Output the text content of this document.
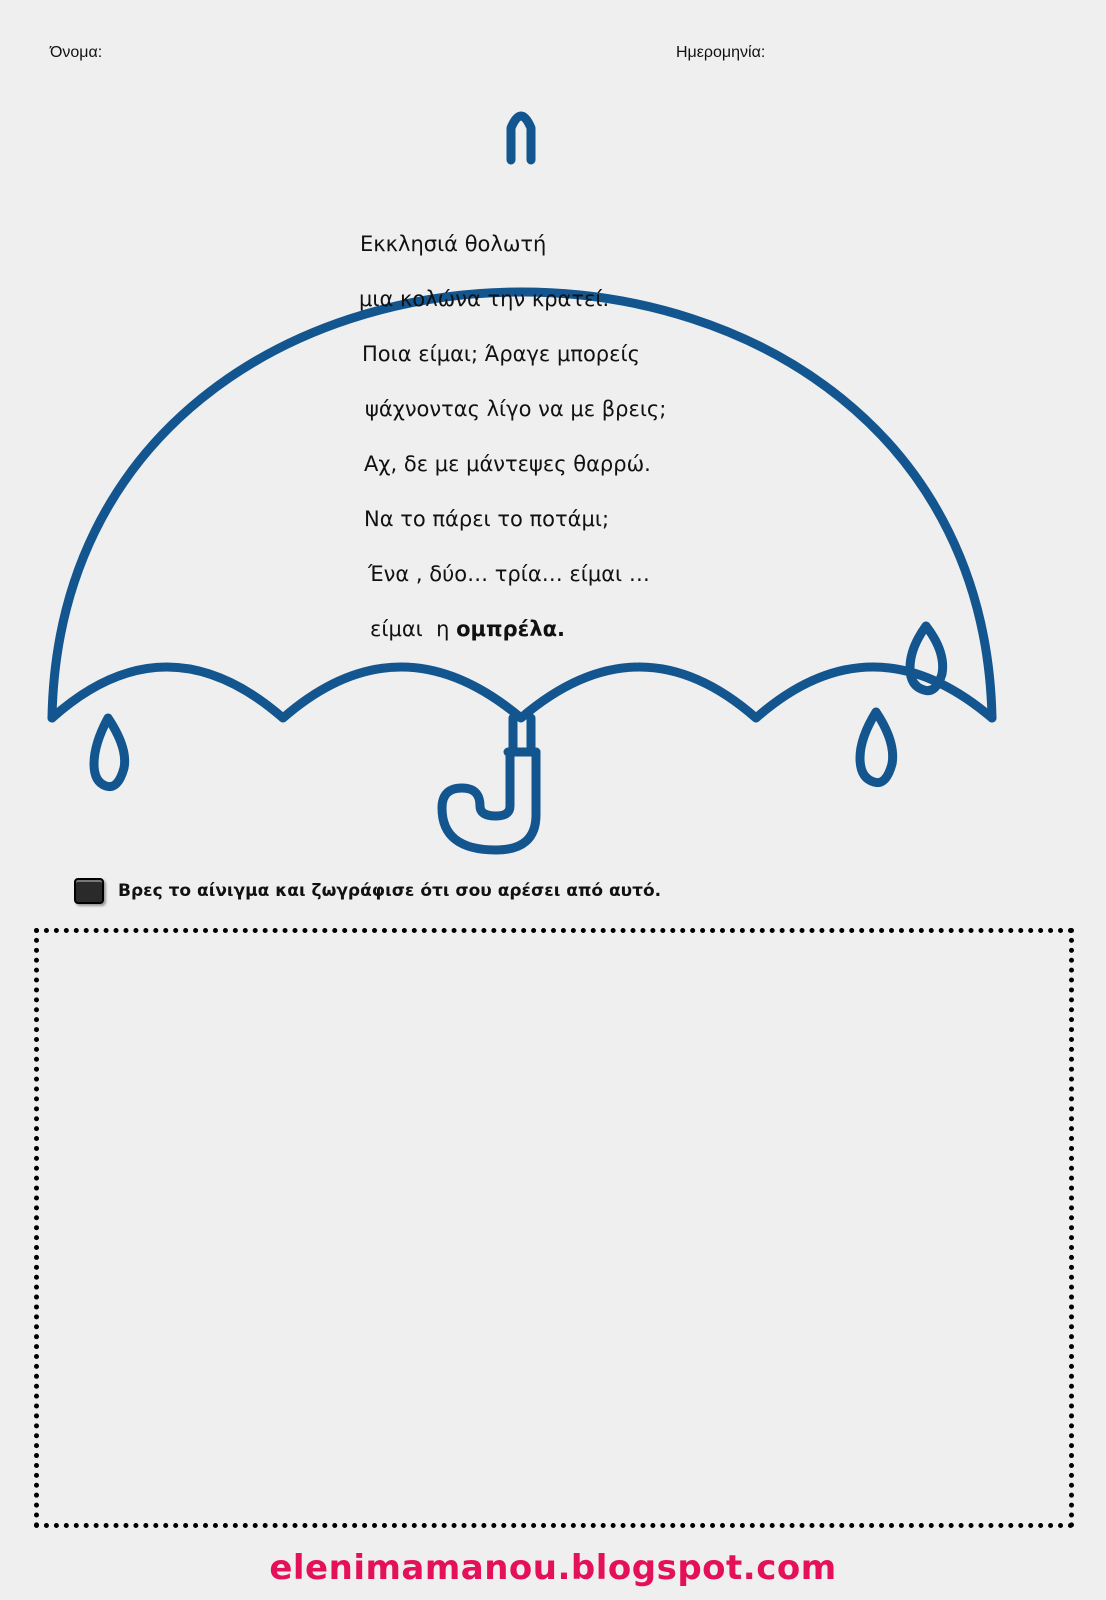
Όνομα:	Ημερομηνία:
Εκκλησιά θολωτή
μια κολώνα την κρατεί.
Ποια είμαι; Άραγε μπορείς
ψάχνοντας λίγο να με βρεις;
Αχ, δε με μάντεψες θαρρώ.
Να το πάρει το ποτάμι;
Ένα , δύο… τρία… είμαι …
είμαι  η ομπρέλα.
Βρες το αίνιγμα και ζωγράφισε ότι σου αρέσει από αυτό.
elenimamanou.blogspot.com
